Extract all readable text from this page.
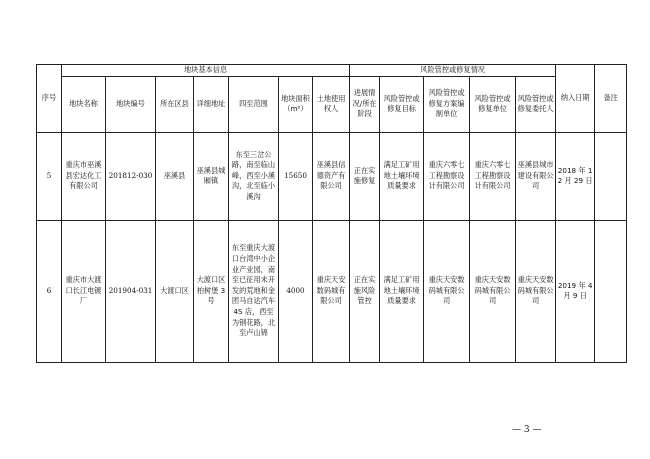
序号	地块基本信息							风险管控或修复情况					纳入日期	备注
	地块名称	地块编号	所在区县	详细地址	四至范围	地块面积（m²）	土地使用权人	进展情况/所在阶段	风险管控或修复目标	风险管控或修复方案编制单位	风险管控或修复单位	风险管控或修复委托人		
5	重庆市巫溪县宏达化工有限公司	201812-030	巫溪县	巫溪县城厢镇	东至三岔公路，南至临山峰，西至小溪沟，北至临小溪沟	15650	巫溪县信德资产有限公司	正在实施修复	满足工矿用地土壤环境质量要求	重庆六零七工程勘察设计有限公司	重庆六零七工程勘察设计有限公司	巫溪县城市建设有限公司	2018 年 12 月 29 日	
6	重庆市大渡口长江电镀厂	201904-031	大渡口区	大渡口区柏树堡 3 号	东至重庆大渡口台湾中小企业产业园，南至已征用未开发的荒地和金团马自达汽车 4S 店，西至为钢花路，北至卢山锦	4000	重庆天安数码城有限公司	正在实施风险管控	满足工矿用地土壤环境质量要求	重庆天安数码城有限公司	重庆天安数码城有限公司	重庆天安数码城有限公司	2019 年 4 月 9 日	
— 3 —
